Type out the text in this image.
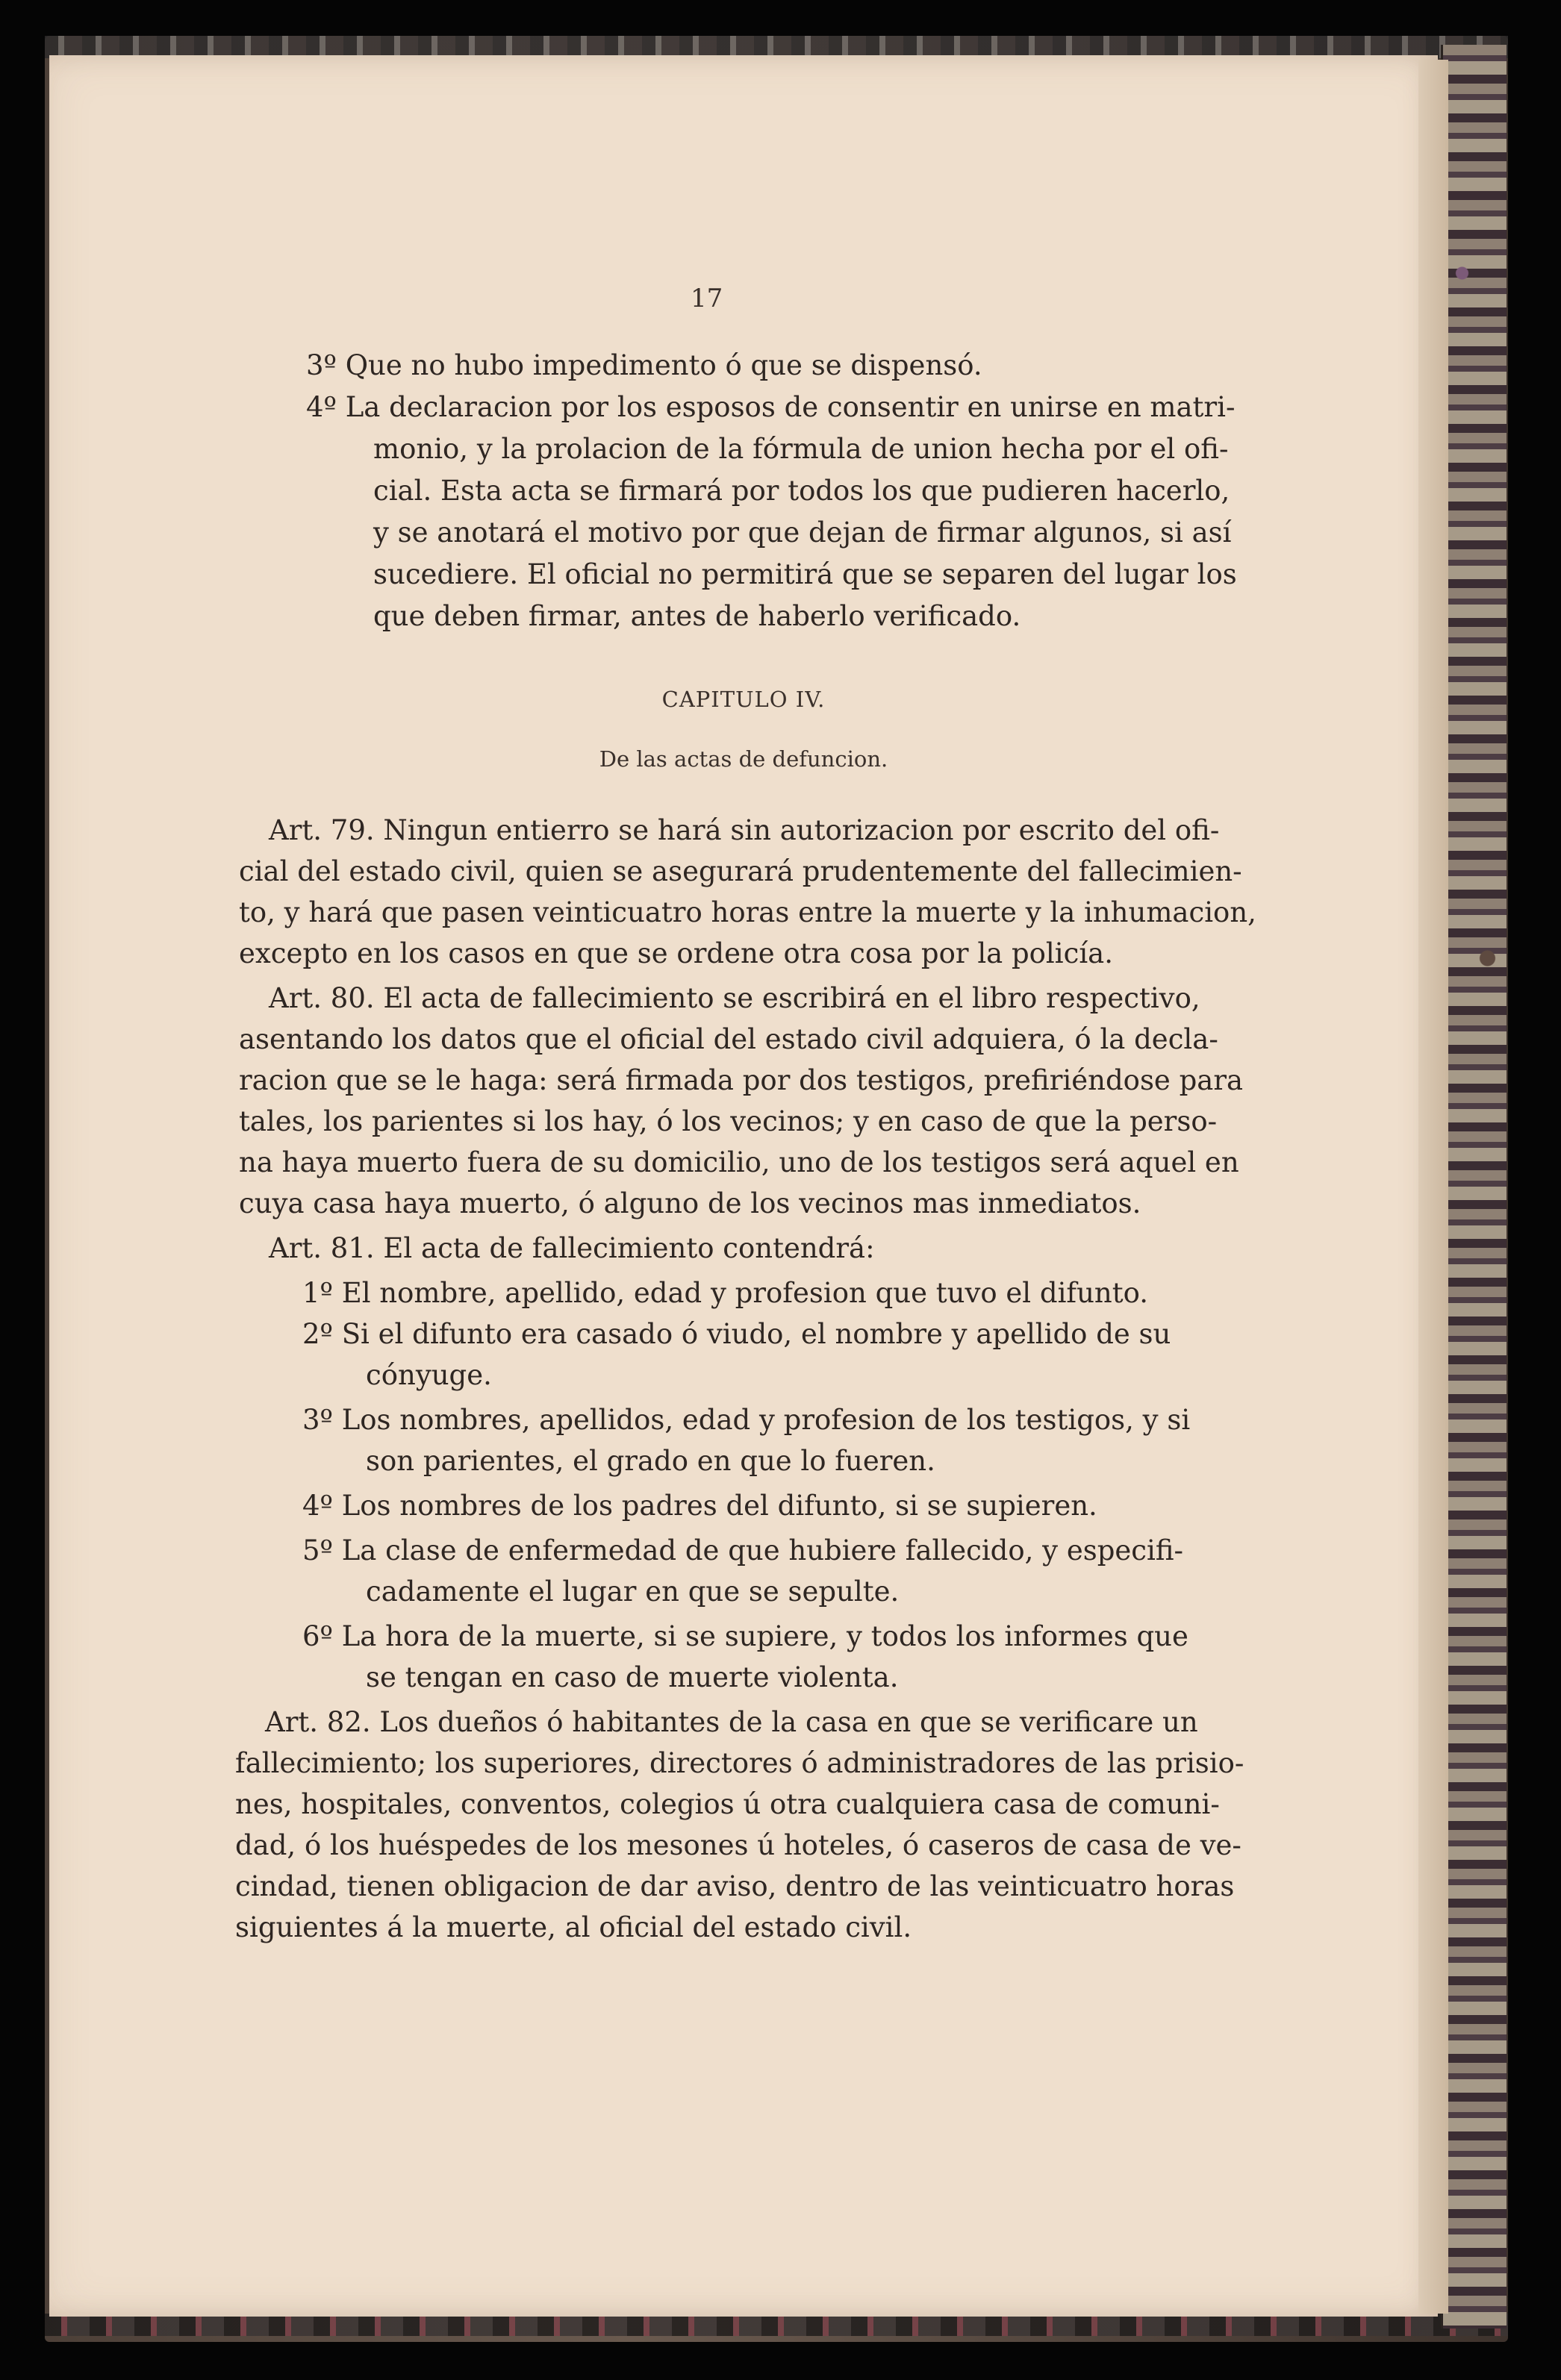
17
3º Que no hubo impedimento ó que se dispensó.
4º La declaracion por los esposos de consentir en unirse en matri-
monio, y la prolacion de la fórmula de union hecha por el ofi-
cial. Esta acta se firmará por todos los que pudieren hacerlo,
y se anotará el motivo por que dejan de firmar algunos, si así
sucediere. El oficial no permitirá que se separen del lugar los
que deben firmar, antes de haberlo verificado.
CAPITULO IV.
De las actas de defuncion.
Art. 79. Ningun entierro se hará sin autorizacion por escrito del ofi-
cial del estado civil, quien se asegurará prudentemente del fallecimien-
to, y hará que pasen veinticuatro horas entre la muerte y la inhumacion,
excepto en los casos en que se ordene otra cosa por la policía.
Art. 80. El acta de fallecimiento se escribirá en el libro respectivo,
asentando los datos que el oficial del estado civil adquiera, ó la decla-
racion que se le haga: será firmada por dos testigos, prefiriéndose para
tales, los parientes si los hay, ó los vecinos; y en caso de que la perso-
na haya muerto fuera de su domicilio, uno de los testigos será aquel en
cuya casa haya muerto, ó alguno de los vecinos mas inmediatos.
Art. 81. El acta de fallecimiento contendrá:
1º El nombre, apellido, edad y profesion que tuvo el difunto.
2º Si el difunto era casado ó viudo, el nombre y apellido de su
cónyuge.
3º Los nombres, apellidos, edad y profesion de los testigos, y si
son parientes, el grado en que lo fueren.
4º Los nombres de los padres del difunto, si se supieren.
5º La clase de enfermedad de que hubiere fallecido, y especifi-
cadamente el lugar en que se sepulte.
6º La hora de la muerte, si se supiere, y todos los informes que
se tengan en caso de muerte violenta.
Art. 82. Los dueños ó habitantes de la casa en que se verificare un
fallecimiento; los superiores, directores ó administradores de las prisio-
nes, hospitales, conventos, colegios ú otra cualquiera casa de comuni-
dad, ó los huéspedes de los mesones ú hoteles, ó caseros de casa de ve-
cindad, tienen obligacion de dar aviso, dentro de las veinticuatro horas
siguientes á la muerte, al oficial del estado civil.
